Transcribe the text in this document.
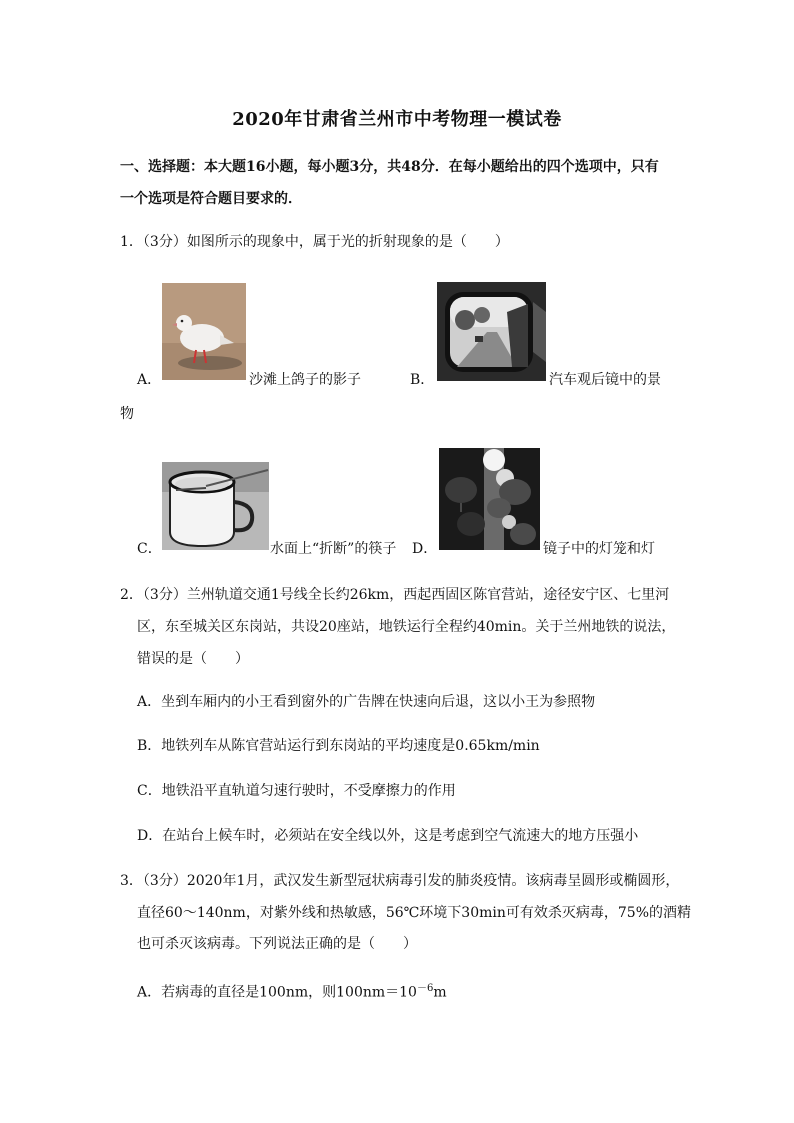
2020年甘肃省兰州市中考物理一模试卷
一、选择题：本大题16小题，每小题3分，共48分．在每小题给出的四个选项中，只有
一个选项是符合题目要求的．
1．（3分）如图所示的现象中，属于光的折射现象的是（　　）
A．	沙滩上鸽子的影子	B．	汽车观后镜中的景
物
C．	水面上“折断”的筷子 D．	镜子中的灯笼和灯
2．（3分）兰州轨道交通1号线全长约26km，西起西固区陈官营站，途径安宁区、七里河
区，东至城关区东岗站，共设20座站，地铁运行全程约40min。关于兰州地铁的说法，
错误的是（　　）
A．坐到车厢内的小王看到窗外的广告牌在快速向后退，这以小王为参照物
B．地铁列车从陈官营站运行到东岗站的平均速度是0.65km/min
C．地铁沿平直轨道匀速行驶时，不受摩擦力的作用
D．在站台上候车时，必须站在安全线以外，这是考虑到空气流速大的地方压强小
3．（3分）2020年1月，武汉发生新型冠状病毒引发的肺炎疫情。该病毒呈圆形或椭圆形，
直径60～140nm，对紫外线和热敏感，56℃环境下30min可有效杀灭病毒，75%的酒精
也可杀灭该病毒。下列说法正确的是（　　）
A．若病毒的直径是100nm，则$100nm=10^{-6}m$
